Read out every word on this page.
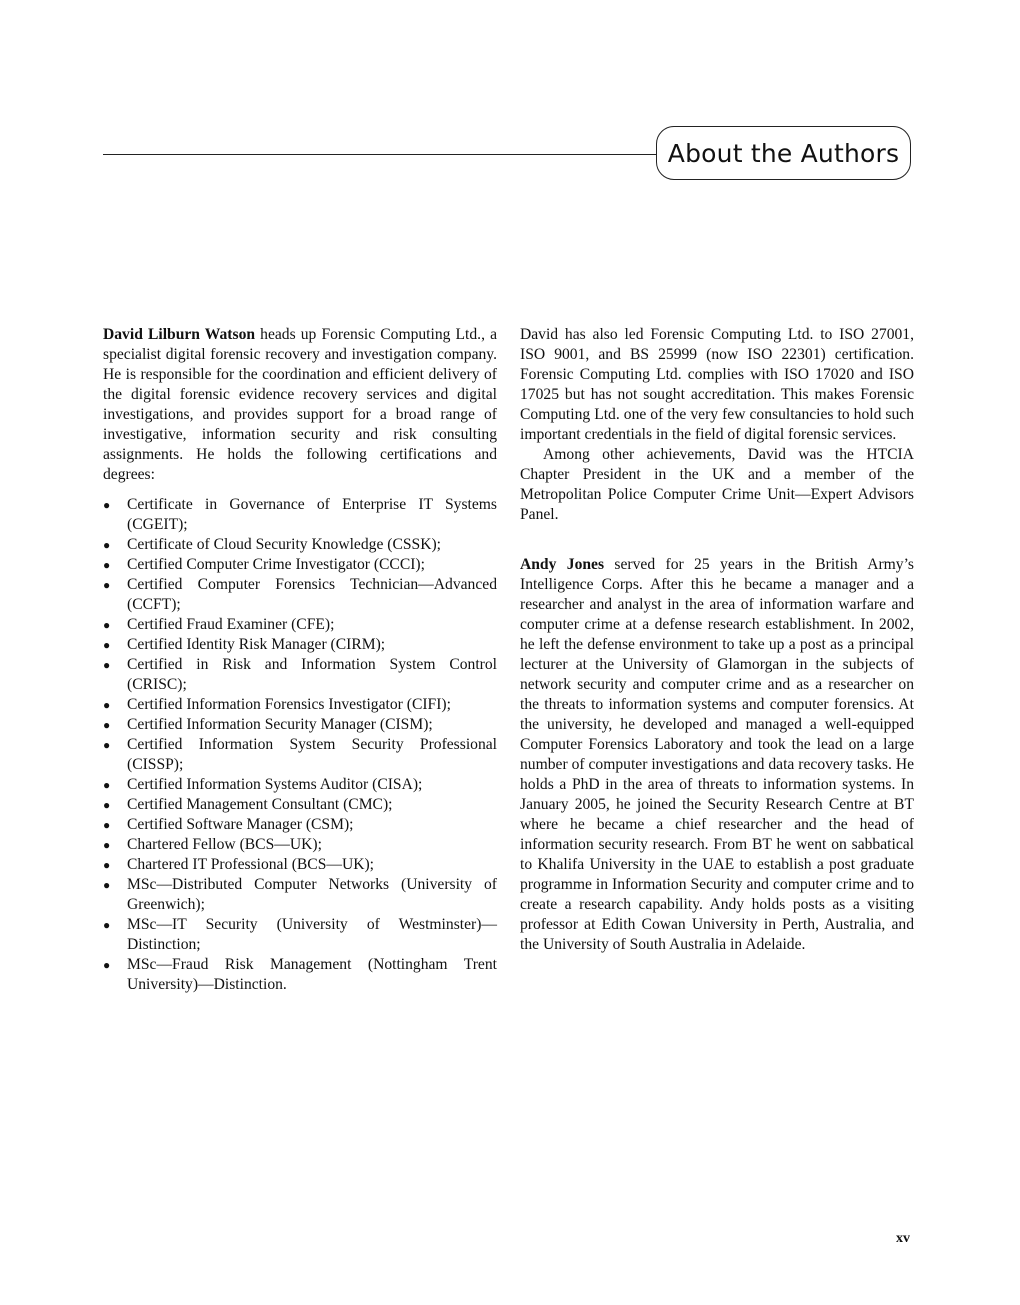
About the Authors

David Lilburn Watson heads up Forensic Computing Ltd., a specialist digital forensic recovery and investigation company. He is responsible for the coordination and efficient delivery of the digital forensic evidence recovery services and digital investigations, and provides support for a broad range of investigative, information security and risk consulting assignments. He holds the following certifications and degrees:

● Certificate in Governance of Enterprise IT Systems (CGEIT);
● Certificate of Cloud Security Knowledge (CSSK);
● Certified Computer Crime Investigator (CCCI);
● Certified Computer Forensics Technician—Advanced (CCFT);
● Certified Fraud Examiner (CFE);
● Certified Identity Risk Manager (CIRM);
● Certified in Risk and Information System Control (CRISC);
● Certified Information Forensics Investigator (CIFI);
● Certified Information Security Manager (CISM);
● Certified Information System Security Professional (CISSP);
● Certified Information Systems Auditor (CISA);
● Certified Management Consultant (CMC);
● Certified Software Manager (CSM);
● Chartered Fellow (BCS—UK);
● Chartered IT Professional (BCS—UK);
● MSc—Distributed Computer Networks (University of Greenwich);
● MSc—IT Security (University of Westminster)—Distinction;
● MSc—Fraud Risk Management (Nottingham Trent University)—Distinction.

David has also led Forensic Computing Ltd. to ISO 27001, ISO 9001, and BS 25999 (now ISO 22301) certification. Forensic Computing Ltd. complies with ISO 17020 and ISO 17025 but has not sought accreditation. This makes Forensic Computing Ltd. one of the very few consultancies to hold such important credentials in the field of digital forensic services.

Among other achievements, David was the HTCIA Chapter President in the UK and a member of the Metropolitan Police Computer Crime Unit—Expert Advisors Panel.

Andy Jones served for 25 years in the British Army’s Intelligence Corps. After this he became a manager and a researcher and analyst in the area of information warfare and computer crime at a defense research establishment. In 2002, he left the defense environment to take up a post as a principal lecturer at the University of Glamorgan in the subjects of network security and computer crime and as a researcher on the threats to information systems and computer forensics. At the university, he developed and managed a well-equipped Computer Forensics Laboratory and took the lead on a large number of computer investigations and data recovery tasks. He holds a PhD in the area of threats to information systems. In January 2005, he joined the Security Research Centre at BT where he became a chief researcher and the head of information security research. From BT he went on sabbatical to Khalifa University in the UAE to establish a post graduate programme in Information Security and computer crime and to create a research capability. Andy holds posts as a visiting professor at Edith Cowan University in Perth, Australia, and the University of South Australia in Adelaide.

xv
